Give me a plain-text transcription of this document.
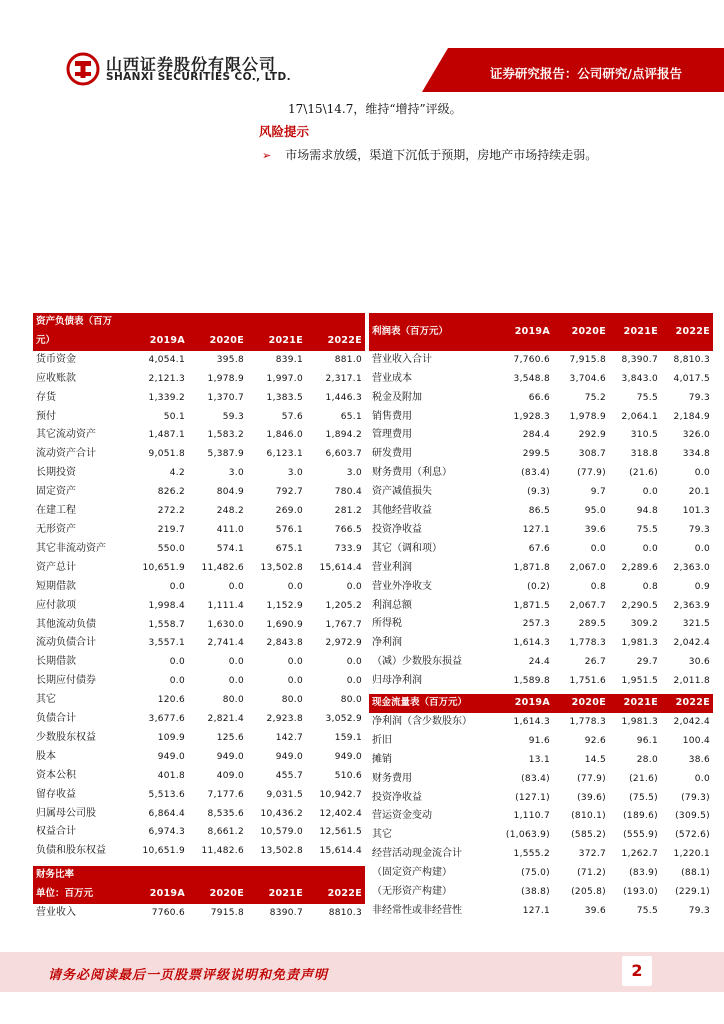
山西证券股份有限公司
SHANXI SECURITIES CO., LTD.	证券研究报告：公司研究/点评报告
17\15\14.7，维持“增持”评级。
风险提示
➢ 市场需求放缓，渠道下沉低于预期，房地产市场持续走弱。
资产负债表（百万				
元）	2019A	2020E	2021E	2022E
货币资金	4,054.1	395.8	839.1	881.0
应收账款	2,121.3	1,978.9	1,997.0	2,317.1
存货	1,339.2	1,370.7	1,383.5	1,446.3
预付	50.1	59.3	57.6	65.1
其它流动资产	1,487.1	1,583.2	1,846.0	1,894.2
流动资产合计	9,051.8	5,387.9	6,123.1	6,603.7
长期投资	4.2	3.0	3.0	3.0
固定资产	826.2	804.9	792.7	780.4
在建工程	272.2	248.2	269.0	281.2
无形资产	219.7	411.0	576.1	766.5
其它非流动资产	550.0	574.1	675.1	733.9
资产总计	10,651.9	11,482.6	13,502.8	15,614.4
短期借款	0.0	0.0	0.0	0.0
应付款项	1,998.4	1,111.4	1,152.9	1,205.2
其他流动负债	1,558.7	1,630.0	1,690.9	1,767.7
流动负债合计	3,557.1	2,741.4	2,843.8	2,972.9
长期借款	0.0	0.0	0.0	0.0
长期应付债券	0.0	0.0	0.0	0.0
其它	120.6	80.0	80.0	80.0
负债合计	3,677.6	2,821.4	2,923.8	3,052.9
少数股东权益	109.9	125.6	142.7	159.1
股本	949.0	949.0	949.0	949.0
资本公积	401.8	409.0	455.7	510.6
留存收益	5,513.6	7,177.6	9,031.5	10,942.7
归属母公司股	6,864.4	8,535.6	10,436.2	12,402.4
权益合计	6,974.3	8,661.2	10,579.0	12,561.5
负债和股东权益	10,651.9	11,482.6	13,502.8	15,614.4
利润表（百万元）	2019A	2020E	2021E	2022E
营业收入合计	7,760.6	7,915.8	8,390.7	8,810.3
营业成本	3,548.8	3,704.6	3,843.0	4,017.5
税金及附加	66.6	75.2	75.5	79.3
销售费用	1,928.3	1,978.9	2,064.1	2,184.9
管理费用	284.4	292.9	310.5	326.0
研发费用	299.5	308.7	318.8	334.8
财务费用（利息）	(83.4)	(77.9)	(21.6)	0.0
资产减值损失	(9.3)	9.7	0.0	20.1
其他经营收益	86.5	95.0	94.8	101.3
投资净收益	127.1	39.6	75.5	79.3
其它（调和项）	67.6	0.0	0.0	0.0
营业利润	1,871.8	2,067.0	2,289.6	2,363.0
营业外净收支	(0.2)	0.8	0.8	0.9
利润总额	1,871.5	2,067.7	2,290.5	2,363.9
所得税	257.3	289.5	309.2	321.5
净利润	1,614.3	1,778.3	1,981.3	2,042.4
（减）少数股东损益	24.4	26.7	29.7	30.6
归母净利润	1,589.8	1,751.6	1,951.5	2,011.8
现金流量表（百万元）	2019A	2020E	2021E	2022E
净利润（含少数股东）	1,614.3	1,778.3	1,981.3	2,042.4
折旧	91.6	92.6	96.1	100.4
摊销	13.1	14.5	28.0	38.6
财务费用	(83.4)	(77.9)	(21.6)	0.0
投资净收益	(127.1)	(39.6)	(75.5)	(79.3)
营运资金变动	1,110.7	(810.1)	(189.6)	(309.5)
其它	(1,063.9)	(585.2)	(555.9)	(572.6)
经营活动现金流合计	1,555.2	372.7	1,262.7	1,220.1
（固定资产构建）	(75.0)	(71.2)	(83.9)	(88.1)
（无形资产构建）	(38.8)	(205.8)	(193.0)	(229.1)
非经常性或非经营性	127.1	39.6	75.5	79.3
财务比率				
单位：百万元	2019A	2020E	2021E	2022E
营业收入	7760.6	7915.8	8390.7	8810.3
请务必阅读最后一页股票评级说明和免责声明	2
